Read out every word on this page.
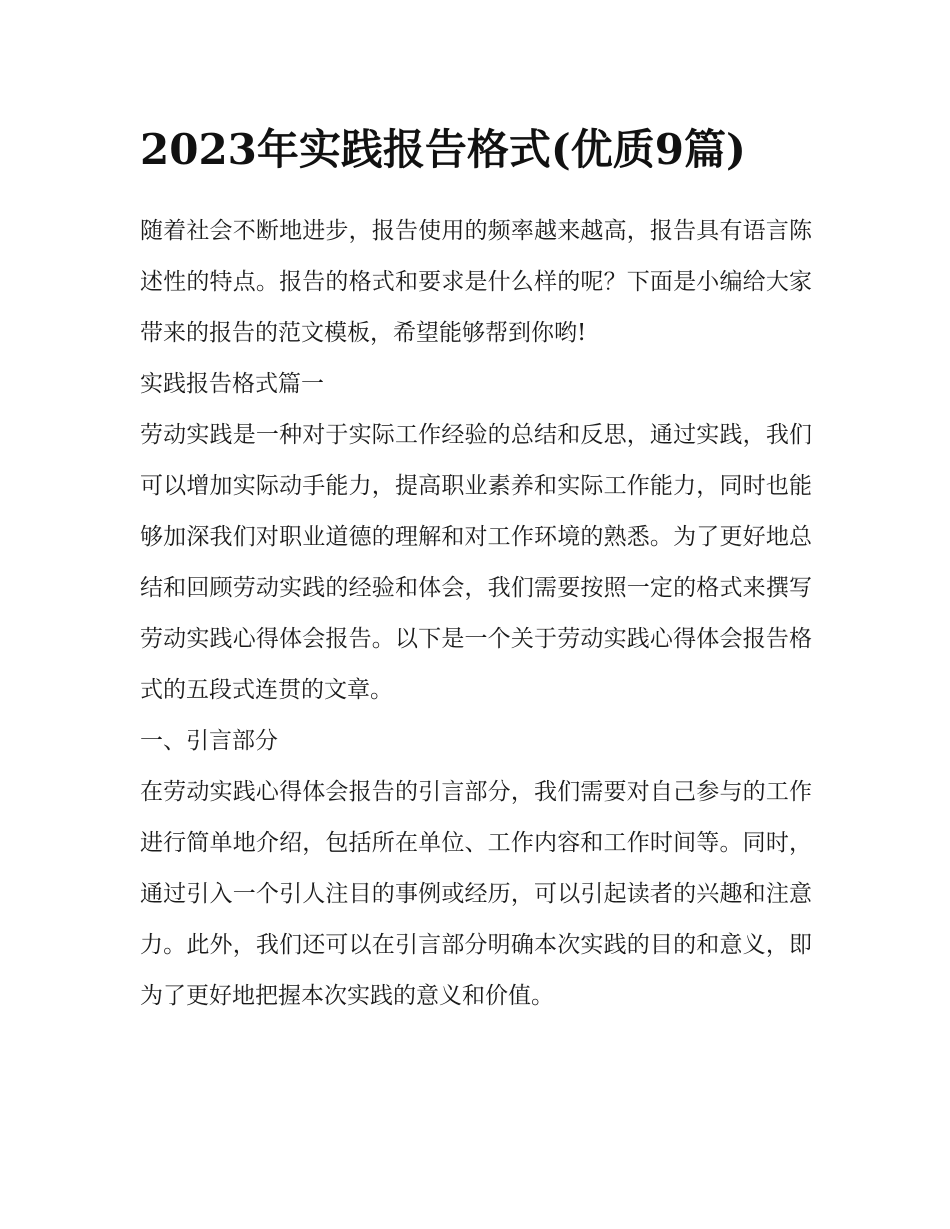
2023年实践报告格式(优质9篇)

随着社会不断地进步，报告使用的频率越来越高，报告具有语言陈述性的特点。报告的格式和要求是什么样的呢？下面是小编给大家带来的报告的范文模板，希望能够帮到你哟!

实践报告格式篇一

劳动实践是一种对于实际工作经验的总结和反思，通过实践，我们可以增加实际动手能力，提高职业素养和实际工作能力，同时也能够加深我们对职业道德的理解和对工作环境的熟悉。为了更好地总结和回顾劳动实践的经验和体会，我们需要按照一定的格式来撰写劳动实践心得体会报告。以下是一个关于劳动实践心得体会报告格式的五段式连贯的文章。

一、引言部分

在劳动实践心得体会报告的引言部分，我们需要对自己参与的工作进行简单地介绍，包括所在单位、工作内容和工作时间等。同时，通过引入一个引人注目的事例或经历，可以引起读者的兴趣和注意力。此外，我们还可以在引言部分明确本次实践的目的和意义，即为了更好地把握本次实践的意义和价值。
